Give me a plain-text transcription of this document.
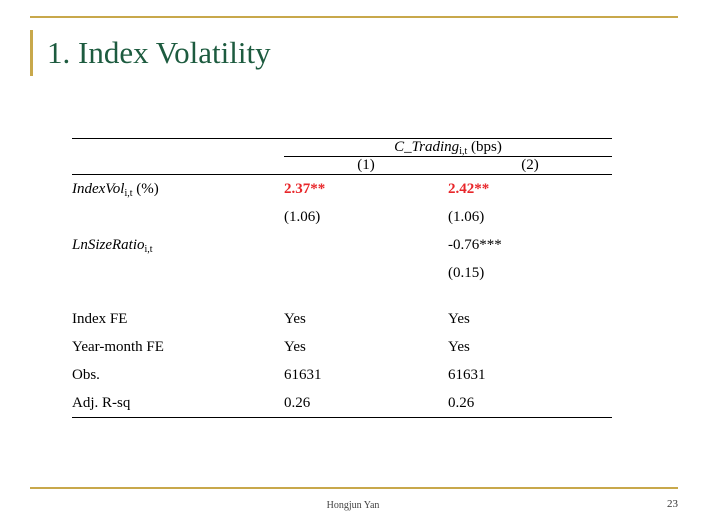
1. Index Volatility

	C_Trading$_{i,t}$ (bps)	
	(1)	(2)

IndexVol$_{i,t}$ (%)	2.37**	2.42**
	(1.06)	(1.06)
LnSizeRatio$_{i,t}$		-0.76***
		(0.15)

Index FE	Yes	Yes
Year-month FE	Yes	Yes
Obs.	61631	61631
Adj. R-sq	0.26	0.26

Hongjun Yan	23
